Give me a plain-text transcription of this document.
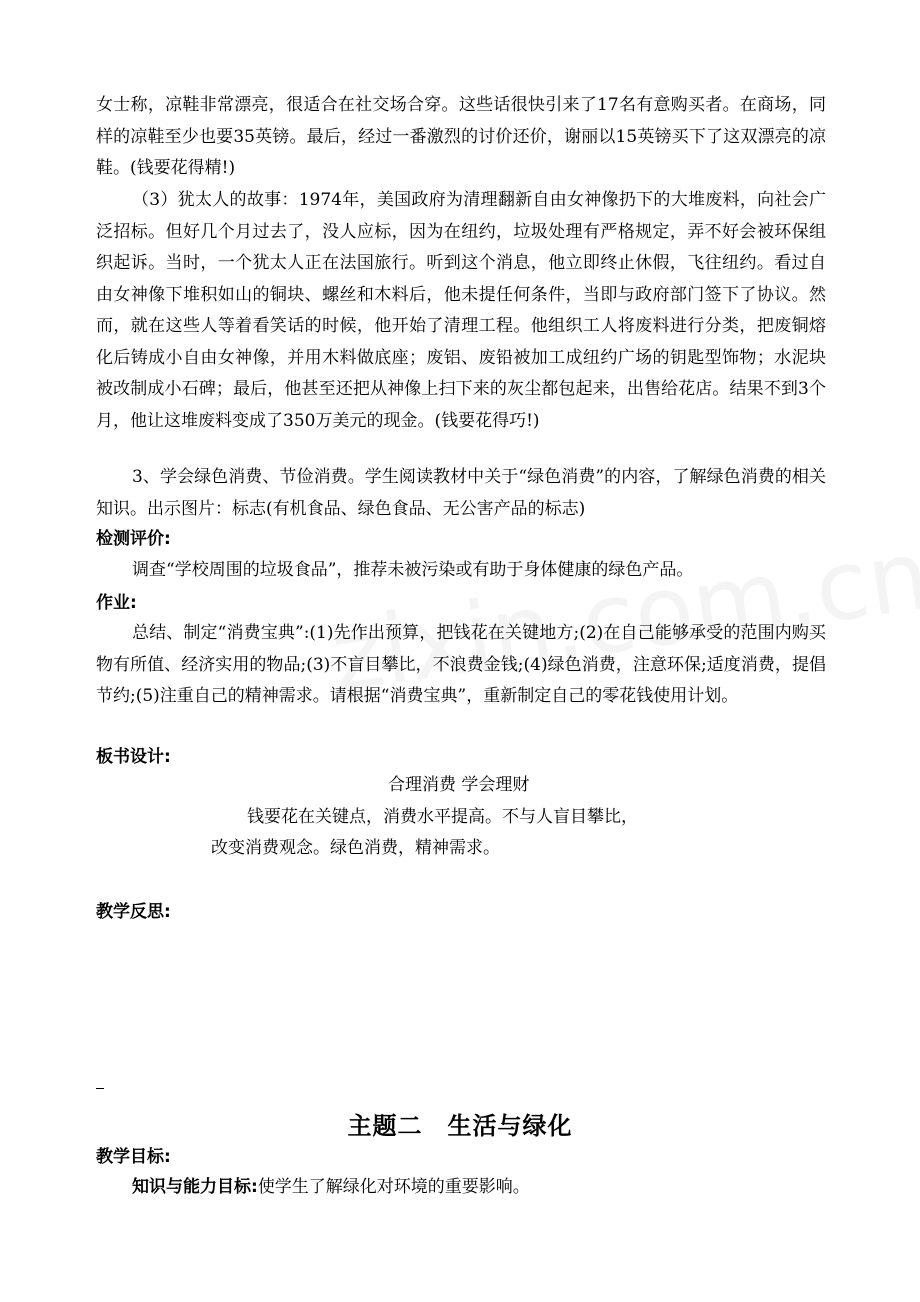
女士称，凉鞋非常漂亮，很适合在社交场合穿。这些话很快引来了17名有意购买者。在商场，同样的凉鞋至少也要35英镑。最后，经过一番激烈的讨价还价，谢丽以15英镑买下了这双漂亮的凉鞋。(钱要花得精!)

（3）犹太人的故事：1974年，美国政府为清理翻新自由女神像扔下的大堆废料，向社会广泛招标。但好几个月过去了，没人应标，因为在纽约，垃圾处理有严格规定，弄不好会被环保组织起诉。当时，一个犹太人正在法国旅行。听到这个消息，他立即终止休假，飞往纽约。看过自由女神像下堆积如山的铜块、螺丝和木料后，他未提任何条件，当即与政府部门签下了协议。然而，就在这些人等着看笑话的时候，他开始了清理工程。他组织工人将废料进行分类，把废铜熔化后铸成小自由女神像，并用木料做底座；废铝、废铅被加工成纽约广场的钥匙型饰物；水泥块被改制成小石碑；最后，他甚至还把从神像上扫下来的灰尘都包起来，出售给花店。结果不到3个月，他让这堆废料变成了350万美元的现金。(钱要花得巧!)

3、学会绿色消费、节俭消费。学生阅读教材中关于“绿色消费”的内容，了解绿色消费的相关知识。出示图片：标志(有机食品、绿色食品、无公害产品的标志)

检测评价:

调查“学校周围的垃圾食品”，推荐未被污染或有助于身体健康的绿色产品。

作业:

总结、制定“消费宝典”:(1)先作出预算，把钱花在关键地方;(2)在自己能够承受的范围内购买物有所值、经济实用的物品;(3)不盲目攀比，不浪费金钱;(4)绿色消费，注意环保;适度消费，提倡节约;(5)注重自己的精神需求。请根据“消费宝典”，重新制定自己的零花钱使用计划。

板书设计:

合理消费 学会理财

钱要花在关键点，消费水平提高。不与人盲目攀比，

改变消费观念。绿色消费，精神需求。

教学反思:

主题二　生活与绿化

教学目标:

知识与能力目标:使学生了解绿化对环境的重要影响。
